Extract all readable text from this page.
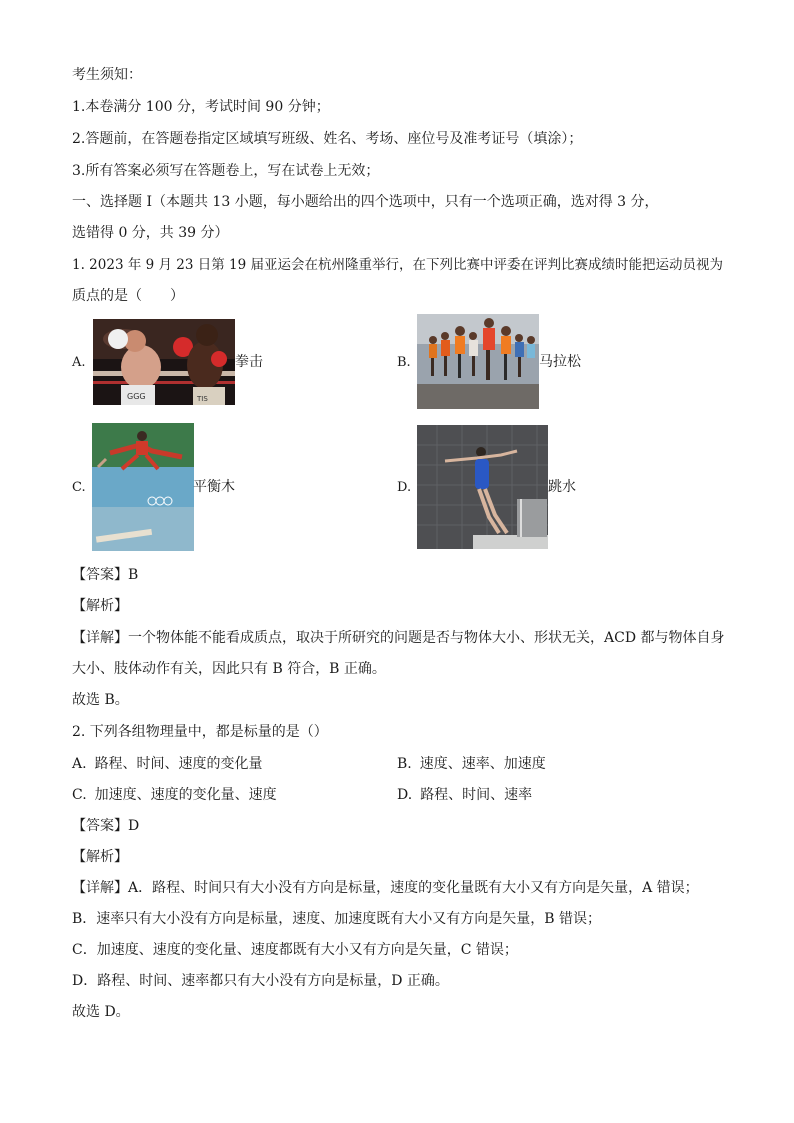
考生须知：
1.本卷满分 100 分，考试时间 90 分钟；
2.答题前，在答题卷指定区域填写班级、姓名、考场、座位号及准考证号（填涂）；
3.所有答案必须写在答题卷上，写在试卷上无效；
一、选择题 I（本题共 13 小题，每小题给出的四个选项中，只有一个选项正确，选对得 3 分，
选错得 0 分，共 39 分）
1. 2023 年 9 月 23 日第 19 届亚运会在杭州隆重举行，在下列比赛中评委在评判比赛成绩时能把运动员视为
质点的是（　　）
A.
GGG	TIS
拳击	B.	马拉松
C.	平衡木	D.	跳水
【答案】B
【解析】
【详解】一个物体能不能看成质点，取决于所研究的问题是否与物体大小、形状无关，ACD 都与物体自身
大小、肢体动作有关，因此只有 B 符合，B 正确。
故选 B。
2. 下列各组物理量中，都是标量的是（）
A. 路程、时间、速度的变化量	B. 速度、速率、加速度
C. 加速度、速度的变化量、速度	D. 路程、时间、速率
【答案】D
【解析】
【详解】A．路程、时间只有大小没有方向是标量，速度的变化量既有大小又有方向是矢量，A 错误；
B．速率只有大小没有方向是标量，速度、加速度既有大小又有方向是矢量，B 错误；
C．加速度、速度的变化量、速度都既有大小又有方向是矢量，C 错误；
D．路程、时间、速率都只有大小没有方向是标量，D 正确。
故选 D。
